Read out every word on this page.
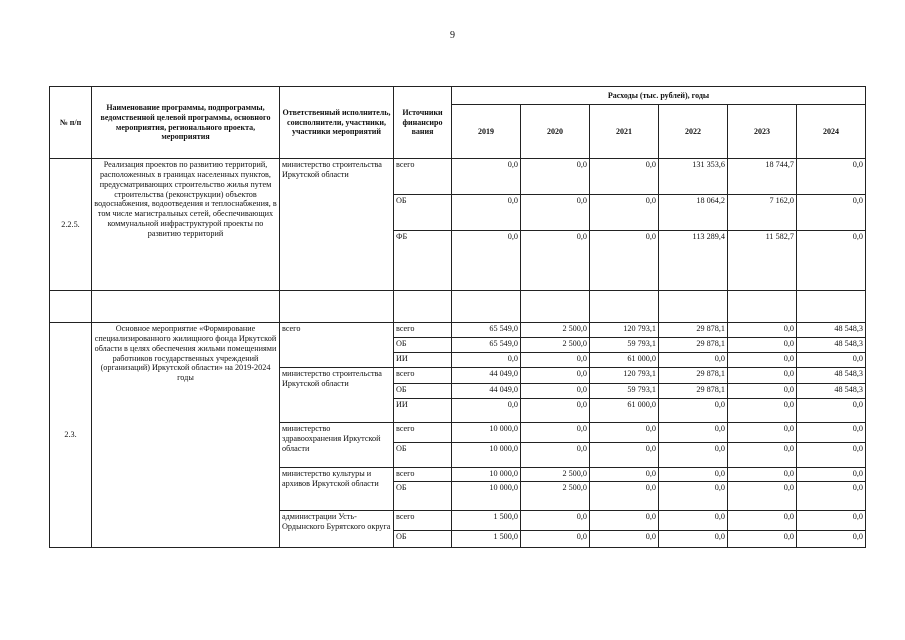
9
№ п/п	Наименование программы, подпрограммы, ведомственной целевой программы, основного мероприятия, регионального проекта, мероприятия	Ответственный исполнитель, соисполнители, участники, участники мероприятий	Источники финансиро вания	Расходы (тыс. рублей), годы					
				2019	2020	2021	2022	2023	2024
2.2.5.	Реализация проектов по развитию территорий, расположенных в границах населенных пунктов, предусматривающих строительство жилья путем строительства (реконструкции) объектов водоснабжения, водоотведения и теплоснабжения, в том числе магистральных сетей, обеспечивающих коммунальной инфраструктурой проекты по развитию территорий	министерство строительства Иркутской области	всего	0,0	0,0	0,0	131 353,6	18 744,7	0,0
			ОБ	0,0	0,0	0,0	18 064,2	7 162,0	0,0
			ФБ	0,0	0,0	0,0	113 289,4	11 582,7	0,0

2.3.	Основное мероприятие «Формирование специализированного жилищного фонда Иркутской области в целях обеспечения жильми помещениями работников государственных учреждений (организаций) Иркутской области» на 2019-2024 годы	всего	всего	65 549,0	2 500,0	120 793,1	29 878,1	0,0	48 548,3
			ОБ	65 549,0	2 500,0	59 793,1	29 878,1	0,0	48 548,3
			ИИ	0,0	0,0	61 000,0	0,0	0,0	0,0
		министерство строительства Иркутской области	всего	44 049,0	0,0	120 793,1	29 878,1	0,0	48 548,3
			ОБ	44 049,0	0,0	59 793,1	29 878,1	0,0	48 548,3
			ИИ	0,0	0,0	61 000,0	0,0	0,0	0,0
		министерство здравоохранения Иркутской области	всего	10 000,0	0,0	0,0	0,0	0,0	0,0
			ОБ	10 000,0	0,0	0,0	0,0	0,0	0,0
		министерство культуры и архивов Иркутской области	всего	10 000,0	2 500,0	0,0	0,0	0,0	0,0
			ОБ	10 000,0	2 500,0	0,0	0,0	0,0	0,0
		администрации Усть-Ордынского Бурятского округа	всего	1 500,0	0,0	0,0	0,0	0,0	0,0
			ОБ	1 500,0	0,0	0,0	0,0	0,0	0,0
